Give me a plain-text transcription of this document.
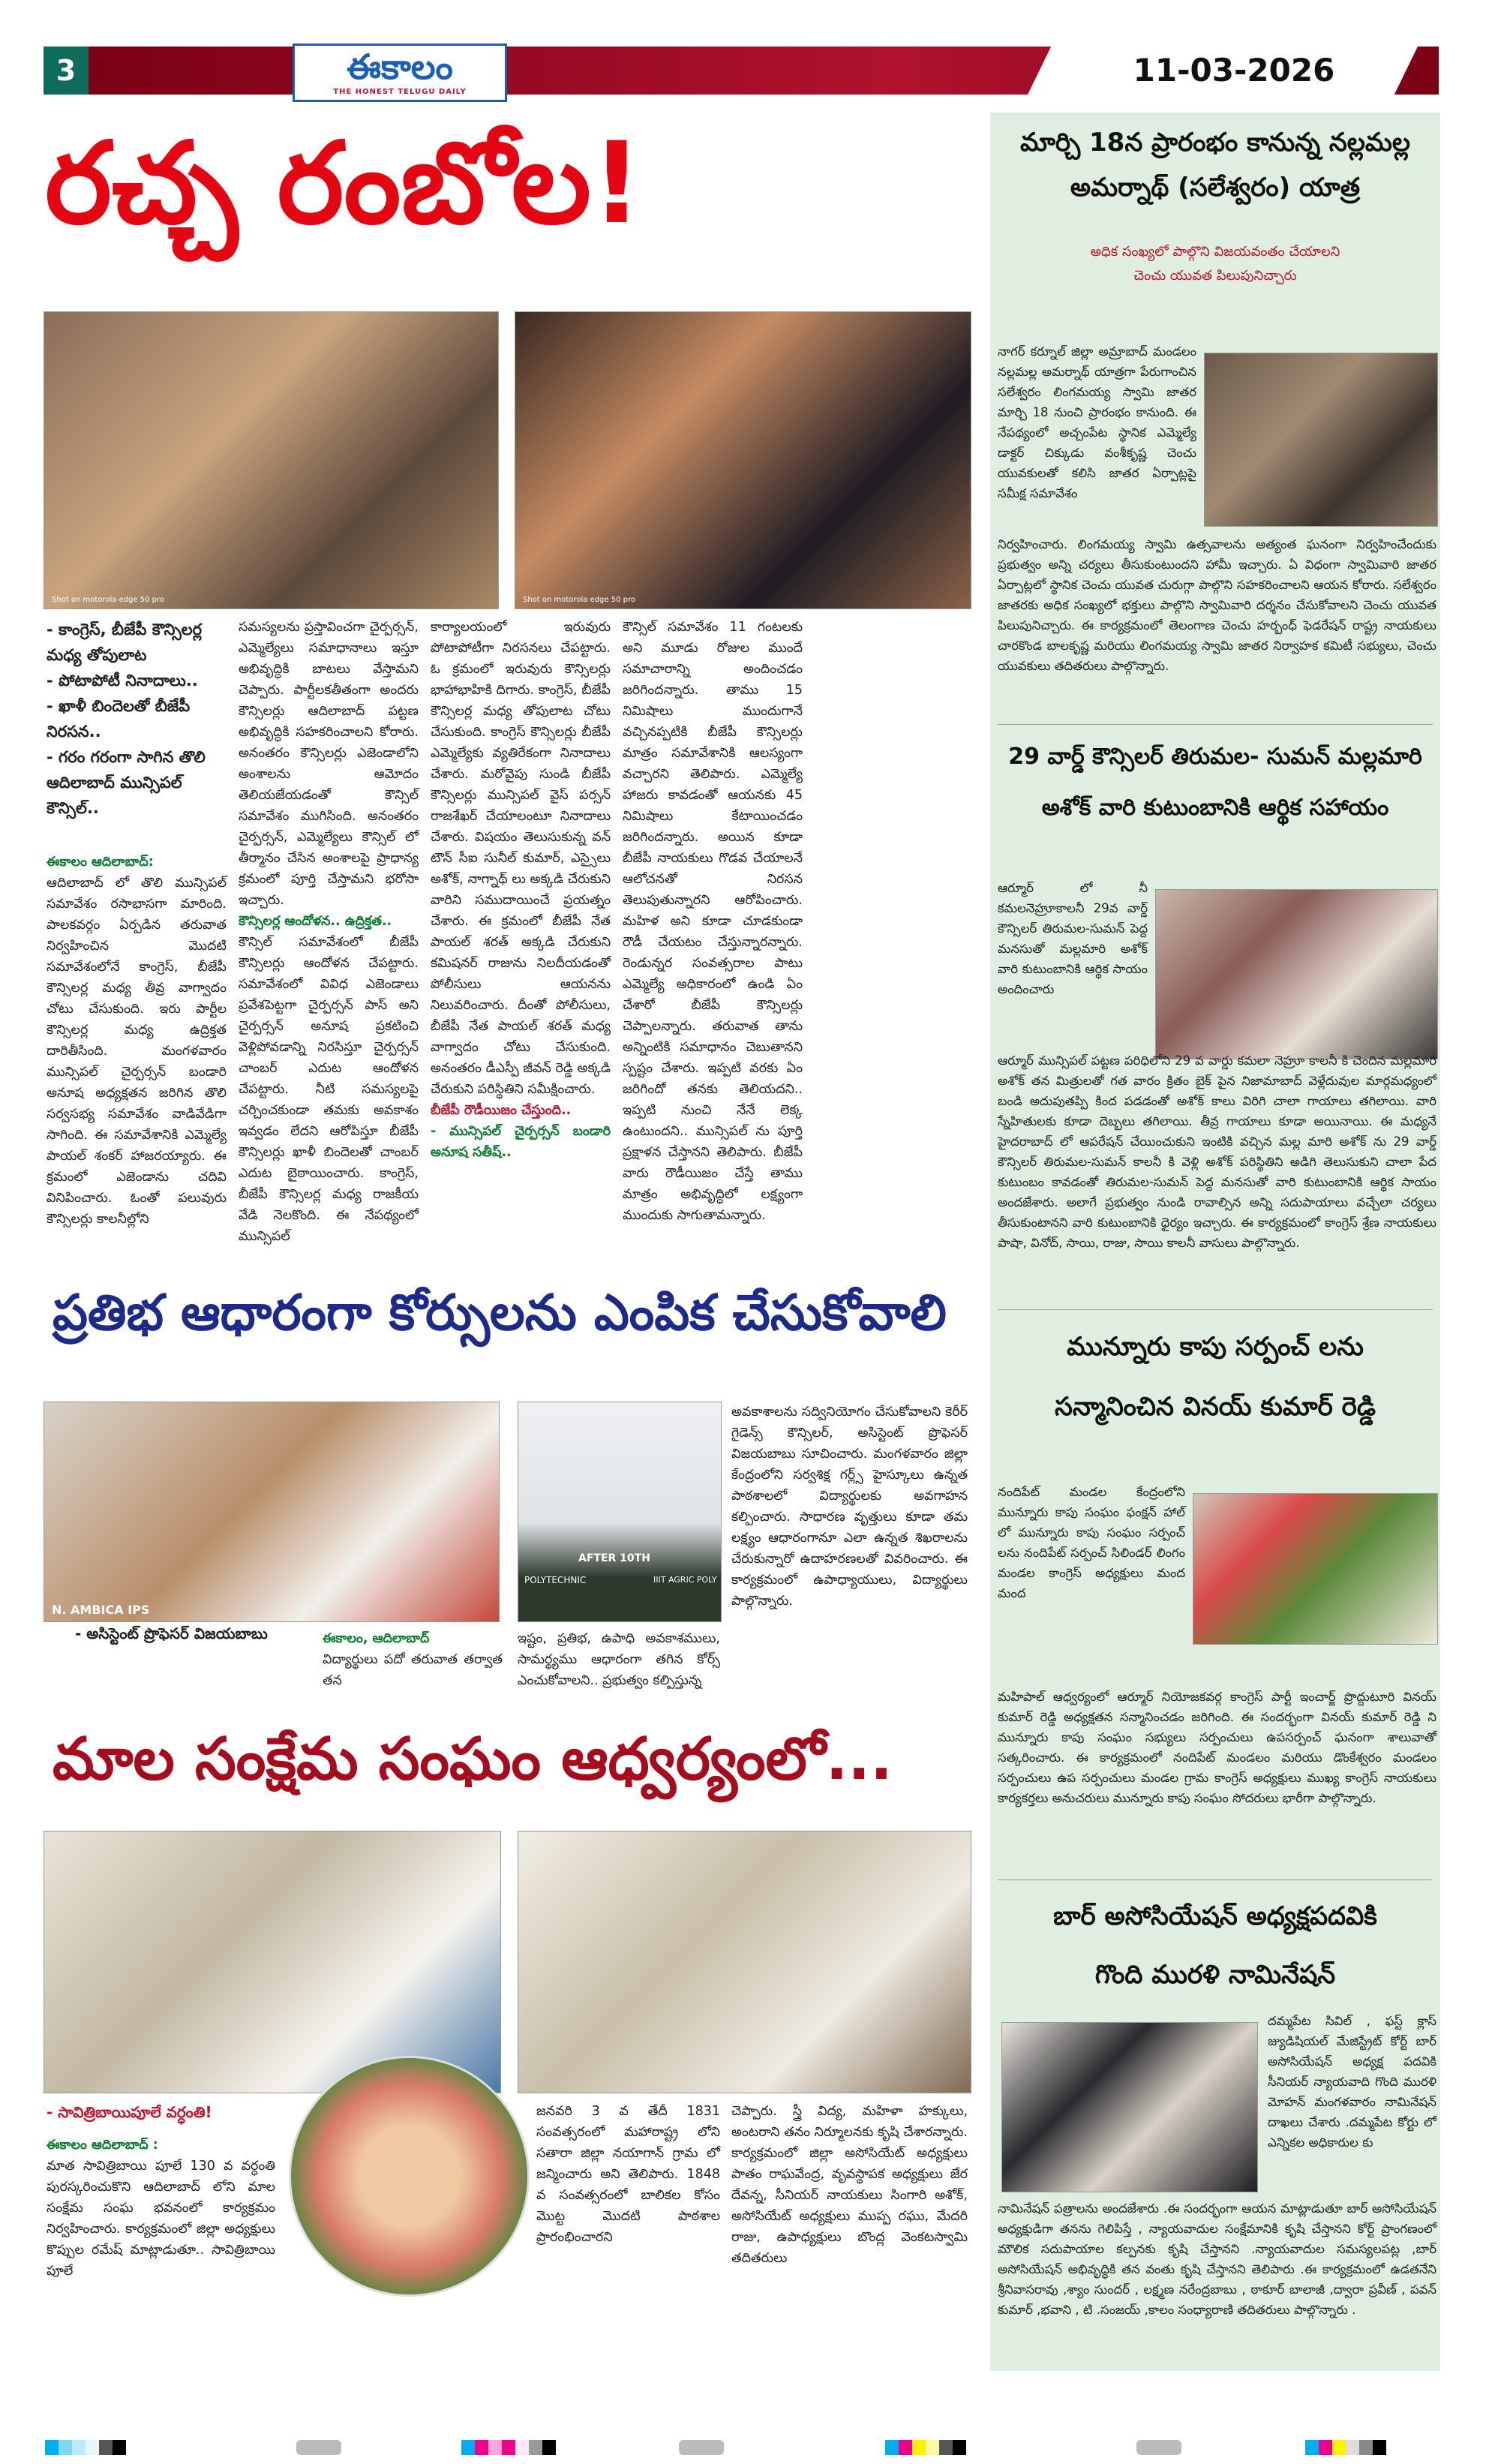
3	ఈకాలం
THE HONEST TELUGU DAILY
11-03-2026
రచ్చ రంబోల!
Shot on motorola edge 50 pro	Shot on motorola edge 50 pro
- కాంగ్రెస్, బీజేపీ కౌన్సిలర్ల మధ్య తోపులాట
- పోటాపోటీ నినాదాలు..
- ఖాళీ బిందెలతో బీజేపీ నిరసన..
- గరం గరంగా సాగిన తొలి ఆదిలాబాద్ మున్సిపల్ కౌన్సిల్..
ఈకాలం ఆదిలాబాద్:
ఆదిలాబాద్ లో తొలి మున్సిపల్ సమావేశం రసాభాసగా మారింది. పాలకవర్గం ఏర్పడిన తరువాత నిర్వహించిన మొదటి సమావేశంలోనే కాంగ్రెస్, బీజేపీ కౌన్సిలర్ల మధ్య తీవ్ర వాగ్వాదం చోటు చేసుకుంది. ఇరు పార్టీల కౌన్సిలర్ల మధ్య ఉద్రిక్తత దారితీసింది. మంగళవారం మున్సిపల్ చైర్పర్సన్ బండారి అనూష అధ్యక్షతన జరిగిన తొలి సర్వసభ్య సమావేశం వాడివేడిగా సాగింది. ఈ సమావేశానికి ఎమ్మెల్యే పాయల్ శంకర్ హాజరయ్యారు. ఈ క్రమంలో ఎజెండాను చదివి వినిపించారు. ఓంతో పలువురు కౌన్సిలర్లు కాలనీల్లోని
సమస్యలను ప్రస్తావించగా చైర్పర్సన్, ఎమ్మెల్యేలు సమాధానాలు ఇస్తూ అభివృద్ధికి బాటలు వేస్తామని చెప్పారు. పార్టీలకతీతంగా అందరు కౌన్సిలర్లు ఆదిలాబాద్ పట్టణ అభివృద్ధికి సహకరించాలని కోరారు. అనంతరం కౌన్సిలర్లు ఎజెండాలోని అంశాలను ఆమోదం తెలియజేయడంతో కౌన్సిల్ సమావేశం ముగిసింది. అనంతరం చైర్పర్సన్, ఎమ్మెల్యేలు కౌన్సిల్ లో తీర్మానం చేసిన అంశాలపై ప్రాధాన్య క్రమంలో పూర్తి చేస్తామని భరోసా ఇచ్చారు.
కౌన్సిలర్ల ఆందోళన.. ఉద్రిక్తత..
కౌన్సిల్ సమావేశంలో బీజేపీ కౌన్సిలర్లు ఆందోళన చేపట్టారు. సమావేశంలో వివిధ ఎజెండాలు ప్రవేశపెట్టగా చైర్పర్సన్ పాస్ అని చైర్పర్సన్ అనూష ప్రకటించి వెళ్లిపోవడాన్ని నిరసిస్తూ చైర్పర్సన్ చాంబర్ ఎదుట ఆందోళన చేపట్టారు. నీటి సమస్యలపై చర్చించకుండా తమకు అవకాశం ఇవ్వడం లేదని ఆరోపిస్తూ బీజేపీ కౌన్సిలర్లు ఖాళీ బిందెలతో చాంబర్ ఎదుట బైఠాయించారు. కాంగ్రెస్, బీజేపీ కౌన్సిలర్ల మధ్య రాజకీయ వేడి నెలకొంది. ఈ నేపథ్యంలో మున్సిపల్
కార్యాలయంలో ఇరువురు పోటాపోటీగా నిరసనలు చేపట్టారు. ఓ క్రమంలో ఇరువురు కౌన్సిలర్లు భాహాభాహికి దిగారు. కాంగ్రెస్, బీజేపీ కౌన్సిలర్ల మధ్య తోపులాట చోటు చేసుకుంది. కాంగ్రెస్ కౌన్సిలర్లు బీజేపీ ఎమ్మెల్యేకు వ్యతిరేకంగా నినాదాలు చేశారు. మరోవైపు సుండి బీజేపీ కౌన్సిలర్లు మున్సిపల్ వైస్ పర్సన్ రాజశేఖర్ చేయాలంటూ నినాదాలు చేశారు. విషయం తెలుసుకున్న వన్ టౌన్ సీఐ సునీల్ కుమార్, ఎస్సైలు అశోక్, నాగ్నాథ్ లు అక్కడి చేరుకుని వారిని సముదాయించే ప్రయత్నం చేశారు. ఈ క్రమంలో బీజేపీ నేత పాయల్ శరత్ అక్కడి చేరుకుని కమిషనర్ రాజును నిలదీయడంతో పోలీసులు ఆయనను నిలువరించారు. దీంతో పోలీసులు, బీజేపీ నేత పాయల్ శరత్ మధ్య వాగ్వాదం చోటు చేసుకుంది. అనంతరం డీఎస్పీ జీవన్ రెడ్డి అక్కడి చేరుకుని పరిస్థితిని సమీక్షించారు.
బీజేపీ రౌడీయిజం చేస్తుంది..
- మున్సిపల్ చైర్పర్సన్ బండారి అనూష సతీష్..
కౌన్సిల్ సమావేశం 11 గంటలకు అని మూడు రోజుల ముందే సమాచారాన్ని అందించడం జరిగిందన్నారు. తాము 15 నిమిషాలు ముందుగానే వచ్చినప్పటికి బీజేపీ కౌన్సిలర్లు మాత్రం సమావేశానికి ఆలస్యంగా వచ్చారని తెలిపారు. ఎమ్మెల్యే హాజరు కావడంతో ఆయనకు 45 నిమిషాలు కేటాయించడం జరిగిందన్నారు. అయిన కూడా బీజేపీ నాయకులు గొడవ చేయాలనే ఆలోచనతో నిరసన తెలుపుతున్నారని ఆరోపించారు. మహిళ అని కూడా చూడకుండా రౌడీ చేయటం చేస్తున్నారన్నారు. రెండున్నర సంవత్సరాల పాటు ఎమ్మెల్యే అధికారంలో ఉండి ఏం చేశారో బీజేపీ కౌన్సిలర్లు చెప్పాలన్నారు. తరువాత తాను అన్నింటికి సమాధానం చెబుతానని స్పష్టం చేశారు. ఇప్పటి వరకు ఏం జరిగిందో తనకు తెలియదని.. ఇప్పటి నుంచి నేనే లెక్క ఉంటుందని.. మున్సిపల్ ను పూర్తి ప్రక్షాళన చేస్తానని తెలిపారు. బీజేపీ వారు రౌడీయిజం చేస్తే తాము మాత్రం అభివృద్ధిలో లక్ష్యంగా ముందుకు సాగుతామన్నారు.
ప్రతిభ ఆధారంగా కోర్సులను ఎంపిక చేసుకోవాలి
N. AMBICA IPS
AFTER 10TH
POLYTECHNIC	IIIT AGRIC POLY
- అసిస్టెంట్ ప్రొఫెసర్ విజయబాబు	ఈకాలం, ఆదిలాబాద్
విద్యార్థులు పదో తరువాత తర్వాత తన
ఇష్టం, ప్రతిభ, ఉపాధి అవకాశములు, సామర్థ్యము ఆధారంగా తగిన కోర్స్ ఎంచుకోవాలని.. ప్రభుత్వం కల్పిస్తున్న
అవకాశాలను సద్వినియోగం చేసుకోవాలని కెరీర్ గైడెన్స్ కౌన్సిలర్, అసిస్టెంట్ ప్రొఫెసర్ విజయబాబు సూచించారు. మంగళవారం జిల్లా కేంద్రంలోని సర్వశిక్ష గర్ల్స్ హైస్కూలు ఉన్నత పాఠశాలలో విద్యార్థులకు అవగాహన కల్పించారు. సాధారణ వృత్తులు కూడా తమ లక్ష్యం ఆధారంగానూ ఎలా ఉన్నత శిఖరాలను చేరుకున్నారో ఉదాహరణలతో వివరించారు. ఈ కార్యక్రమంలో ఉపాధ్యాయులు, విద్యార్థులు పాల్గొన్నారు.
మాల సంక్షేమ సంఘం ఆధ్వర్యంలో...
- సావిత్రిబాయిపూలే వర్ధంతి!
ఈకాలం ఆదిలాబాద్ :
మాత సావిత్రిబాయి పూలే 130 వ వర్ధంతి పురస్కరించుకొని ఆదిలాబాద్ లోని మాల సంక్షేమ సంఘ భవనంలో కార్యక్రమం నిర్వహించారు. కార్యక్రమంలో జిల్లా అధ్యక్షులు కొప్పుల రమేష్ మాట్లాడుతూ.. సావిత్రిబాయి పూలే
జనవరి 3 వ తేదీ 1831 సంవత్సరంలో మహారాష్ట్ర లోని సతారా జిల్లా నయాగాన్ గ్రామ లో జన్మించారు అని తెలిపారు. 1848 వ సంవత్సరంలో బాలికల కోసం మొట్ట మొదటి పాఠశాల ప్రారంభించారని
చెప్పారు. స్త్రీ విద్య, మహిళా హక్కులు, అంటరాని తనం నిర్మూలనకు కృషి చేశారన్నారు. కార్యక్రమంలో జిల్లా అసోసియేట్ అధ్యక్షులు పాతం రాఘవేంద్ర, వృవస్థాపక అధ్యక్షులు జేర దేవన్న, సీనియర్ నాయకులు సింగారి అశోక్, అసోసియేట్ అధ్యక్షులు ముప్ప రఘు, మేదరి రాజు, ఉపాధ్యక్షులు బొంద్ల వెంకటస్వామి తదితరులు
మార్చి 18న ప్రారంభం కానున్న నల్లమల్ల
అమర్నాథ్ (సలేశ్వరం) యాత్ర
అధిక సంఖ్యలో పాల్గొని విజయవంతం చేయాలని
చెంచు యువత పిలుపునిచ్చారు
నాగర్ కర్నూల్ జిల్లా అమ్రాబాద్ మండలం నల్లమల్ల అమర్నాథ్ యాత్రగా పేరుగాంచిన సలేశ్వరం లింగమయ్య స్వామి జాతర మార్చి 18 నుంచి ప్రారంభం కానుంది. ఈ నేపథ్యంలో అచ్చంపేట స్థానిక ఎమ్మెల్యే డాక్టర్ చిక్కుడు వంశీకృష్ణ చెంచు యువకులతో కలిసి జాతర ఏర్పాట్లపై సమీక్ష సమావేశం
నిర్వహించారు. లింగమయ్య స్వామి ఉత్సవాలను అత్యంత ఘనంగా నిర్వహించేందుకు ప్రభుత్వం అన్ని చర్యలు తీసుకుంటుందని హామీ ఇచ్చారు. ఏ విధంగా స్వామివారి జాతర ఏర్పాట్లలో స్థానిక చెంచు యువత చురుగ్గా పాల్గొని సహకరించాలని ఆయన కోరారు. సలేశ్వరం జాతరకు అధిక సంఖ్యలో భక్తులు పాల్గొని స్వామివారి దర్శనం చేసుకోవాలని చెంచు యువత పిలుపునిచ్చారు. ఈ కార్యక్రమంలో తెలంగాణ చెంచు హర్బంధ్ ఫెడరేషన్ రాష్ట్ర నాయకులు చారకొండ బాలకృష్ణ మరియు లింగమయ్య స్వామి జాతర నిర్వాహక కమిటీ సభ్యులు, చెంచు యువకులు తదితరులు పాల్గొన్నారు.
29 వార్డ్ కౌన్సిలర్ తిరుమల- సుమన్ మల్లమారి
అశోక్ వారి కుటుంబానికి ఆర్థిక సహాయం
ఆర్మూర్ లో నీ కమలనెహ్రూకాలనీ 29వ వార్డ్ కౌన్సిలర్ తిరుమల-సుమన్ పెద్ద మనసుతో మల్లమారి అశోక్ వారి కుటుంబానికి ఆర్థిక సాయం అందించారు
ఆర్మూర్ మున్సిపల్ పట్టణ పరిధిలోని 29 వ వార్డు కమలా నెహ్రూ కాలనీ కి చెందిన మల్లమారి అశోక్ తన మిత్రులతో గత వారం క్రితం బైక్ పైన నిజామాబాద్ వెళ్లేదువుల మార్గమధ్యంలో బండి అదుపుతప్పి కింద పడడంతో అశోక్ కాలు విరిగి చాలా గాయాలు తగిలాయి. వారి స్నేహితులకు కూడా దెబ్బలు తగిలాయి. తీవ్ర గాయాలు కూడా అయినాయి. ఈ మధ్యనే హైదరాబాద్ లో ఆపరేషన్ చేయించుకుని ఇంటికి వచ్చిన మల్ల మారి అశోక్ ను 29 వార్డ్ కౌన్సిలర్ తిరుమల-సుమన్ కాలనీ కి వెళ్లి అశోక్ పరిస్థితిని అడిగి తెలుసుకుని చాలా పేద కుటుంబం కావడంతో తిరుమల-సుమన్ పెద్ద మనసుతో వారి కుటుంబానికి ఆర్థిక సాయం అందజేశారు. అలాగే ప్రభుత్వం నుండి రావాల్సిన అన్ని సదుపాయాలు వచ్చేలా చర్యలు తీసుకుంటానని వారి కుటుంబానికి ధైర్యం ఇచ్చారు. ఈ కార్యక్రమంలో కాంగ్రెస్ శ్రేణ నాయకులు పాషా, వినోద్, సాయి, రాజు, సాయి కాలనీ వాసులు పాల్గొన్నారు.
మున్నూరు కాపు సర్పంచ్ లను
సన్మానించిన వినయ్ కుమార్ రెడ్డి
నందిపేట్ మండల కేంద్రంలోని మున్నూరు కాపు సంఘం ఫంక్షన్ హాల్ లో మున్నూరు కాపు సంఘం సర్పంచ్ లను నందిపేట్ సర్పంచ్ సిలిండర్ లింగం మండల కాంగ్రెస్ అధ్యక్షులు మంద మంద
మహిపాల్ ఆధ్వర్యంలో ఆర్మూర్ నియోజకవర్గ కాంగ్రెస్ పార్టీ ఇంచార్జ్ ప్రొద్దుటూరి వినయ్ కుమార్ రెడ్డి అధ్యక్షతన సన్మానించడం జరిగింది. ఈ సందర్భంగా వినయ్ కుమార్ రెడ్డి ని మున్నూరు కాపు సంఘం సభ్యులు సర్పంచులు ఉపసర్పంచ్ ఘనంగా శాలువాతో సత్కరించారు. ఈ కార్యక్రమంలో నందిపేట్ మండలం మరియు డొంకేశ్వరం మండలం సర్పంచులు ఉప సర్పంచులు మండల గ్రామ కాంగ్రెస్ అధ్యక్షులు ముఖ్య కాంగ్రెస్ నాయకులు కార్యకర్తలు అనుచరులు మున్నూరు కాపు సంఘం సోదరులు భారీగా పాల్గొన్నారు.
బార్ అసోసియేషన్ అధ్యక్షపదవికి
గొంది మురళి నామినేషన్
దమ్మపేట సివిల్ , ఫస్ట్ క్లాస్ జ్యుడిషియల్ మేజిస్ట్రేట్ కోర్ట్ బార్ అసోసియేషన్ అధ్యక్ష పదవికి సీనియర్ న్యాయవాది గొంది మురళి మోహన్ మంగళవారం నామినేషన్ దాఖలు చేశారు .దమ్మపేట కోర్టు లో ఎన్నికల అధికారుల కు
నామినేషన్ పత్రాలను అందజేశారు .ఈ సందర్భంగా ఆయన మాట్లాడుతూ బార్ అసోసియేషన్ అధ్యక్షుడిగా తనను గెలిపిస్తే , న్యాయవాదుల సంక్షేమానికి కృషి చేస్తానని కోర్ట్ ప్రాంగణంలో మౌలిక సదుపాయాల కల్పనకు కృషి చేస్తానని .న్యాయవాదుల సమస్యలపట్ల ,బార్ అసోసియేషన్ అభివృద్ధికి తన వంతు కృషి చేస్తానని తెలిపారు .ఈ కార్యక్రమంలో ఉడతనేని శ్రీనివాసరావు ,శ్యాం సుందర్ , లక్ష్మణ నరేంద్రబాబు , ఠాకూర్ బాలాజీ ,ద్వారా ప్రవీణ్ , పవన్ కుమార్ ,భవాని , టి .సంజయ్ ,కాలం సంధ్యారాణి తదితరులు పాల్గొన్నారు .
